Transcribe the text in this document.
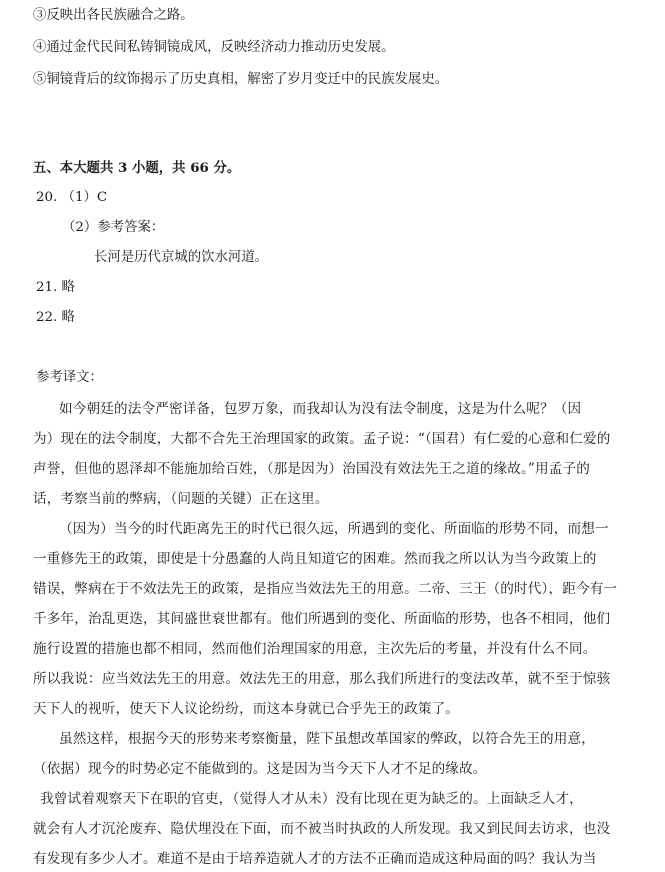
③反映出各民族融合之路。
④通过金代民间私铸铜镜成风，反映经济动力推动历史发展。
⑤铜镜背后的纹饰揭示了历史真相，解密了岁月变迁中的民族发展史。
五、本大题共 3 小题，共 66 分。
20. （1）C
（2）参考答案：
长河是历代京城的饮水河道。
21. 略
22. 略
参考译文：
如今朝廷的法令严密详备，包罗万象，而我却认为没有法令制度，这是为什么呢？（因
为）现在的法令制度，大都不合先王治理国家的政策。孟子说：“（国君）有仁爱的心意和仁爱的
声誉，但他的恩泽却不能施加给百姓，（那是因为）治国没有效法先王之道的缘故。”用孟子的
话，考察当前的弊病，（问题的关键）正在这里。
（因为）当今的时代距离先王的时代已很久远，所遇到的变化、所面临的形势不同，而想一
一重修先王的政策，即使是十分愚蠢的人尚且知道它的困难。然而我之所以认为当今政策上的
错误，弊病在于不效法先王的政策，是指应当效法先王的用意。二帝、三王（的时代），距今有一
千多年，治乱更迭，其间盛世衰世都有。他们所遇到的变化、所面临的形势，也各不相同，他们
施行设置的措施也都不相同，然而他们治理国家的用意，主次先后的考量，并没有什么不同。
所以我说：应当效法先王的用意。效法先王的用意，那么我们所进行的变法改革，就不至于惊骇
天下人的视听，使天下人议论纷纷，而这本身就已合乎先王的政策了。
虽然这样，根据今天的形势来考察衡量，陛下虽想改革国家的弊政，以符合先王的用意，
（依据）现今的时势必定不能做到的。这是因为当今天下人才不足的缘故。
我曾试着观察天下在职的官吏，（觉得人才从未）没有比现在更为缺乏的。上面缺乏人才，
就会有人才沉沦废弃、隐伏埋没在下面，而不被当时执政的人所发现。我又到民间去访求，也没
有发现有多少人才。难道不是由于培养造就人才的方法不正确而造成这种局面的吗？我认为当
